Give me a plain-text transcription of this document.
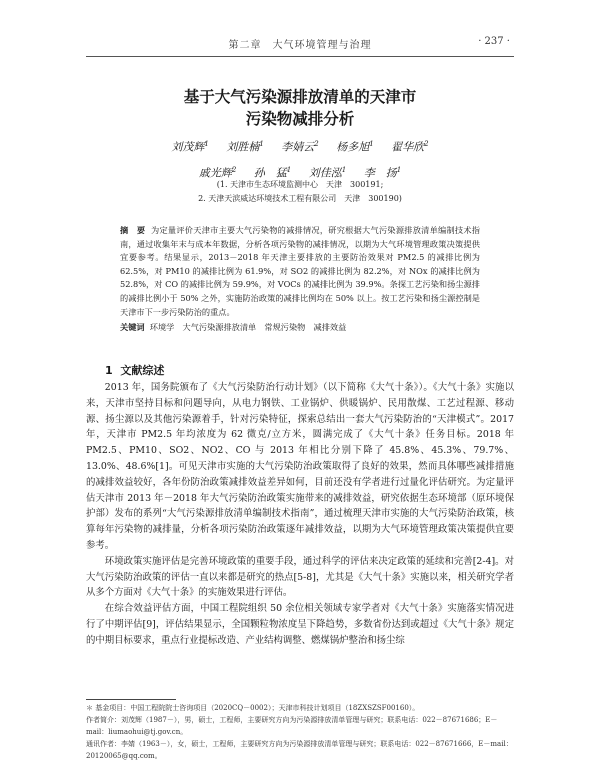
第二章　大气环境管理与治理	· 237 ·
基于大气污染源排放清单的天津市
污染物减排分析
刘茂辉$^1$ 刘胜楠$^1$ 李婧云$^2$ 杨多旭$^1$ 翟华欣$^2$
戚光辉$^2$ 孙　猛$^1$ 刘佳泓$^1$ 李　扬$^1$
(1. 天津市生态环境监测中心　天津　300191;
2. 天津天滨威达环境技术工程有限公司　天津　300190)
摘　要 为定量评价天津市主要大气污染物的减排情况，研究根据大气污染源排放清单编制技术指南，通过收集年末与成本年数据，分析各项污染物的减排情况，以期为大气环境管理政策决策提供宜要参考。结果显示，2013－2018 年天津主要排放的主要防治效果对 PM2.5 的减排比例为 62.5%，对 PM10 的减排比例为 61.9%，对 SO2 的减排比例为 82.2%，对 NOx 的减排比例为 52.8%，对 CO 的减排比例为 59.9%，对 VOCs 的减排比例为 39.9%。条探工艺污染和扬尘源排的减排比例小于 50% 之外，实施防治政策的减排比例均在 50% 以上。按工艺污染和扬尘源控制是天津市下一步污染防治的重点。
关键词 环境学　大气污染源排放清单　常规污染物　减排效益
1 文献综述

2013 年，国务院颁布了《大气污染防治行动计划》（以下简称《大气十条》）。《大气十条》实施以来，天津市坚持目标和问题导向，从电力钢铁、工业锅炉、供暖锅炉、民用散煤、工艺过程源、移动源、扬尘源以及其他污染源着手，针对污染特征，探索总结出一套大气污染防治的“天津模式”。2017 年，天津市 PM2.5 年均浓度为 62 微克/立方米，圆满完成了《大气十条》任务目标。2018 年 PM2.5、PM10、SO2、NO2、CO 与 2013 年相比分别下降了 45.8%、45.3%、79.7%、13.0%、48.6%[1]。可见天津市实施的大气污染防治政策取得了良好的效果，然而具体哪些减排措施的减排效益较好，各年份防治政策减排效益差异如何，目前还没有学者进行过量化评估研究。为定量评估天津市 2013 年－2018 年大气污染防治政策实施带来的减排效益，研究依据生态环境部（原环境保护部）发布的系列“大气污染源排放清单编制技术指南”，通过梳理天津市实施的大气污染防治政策，核算每年污染物的减排量，分析各项污染防治政策逐年减排效益，以期为大气环境管理政策决策提供宜要参考。

环境政策实施评估是完善环境政策的重要手段，通过科学的评估来决定政策的延续和完善[2-4]。对大气污染防治政策的评估一直以来都是研究的热点[5-8]，尤其是《大气十条》实施以来，相关研究学者从多个方面对《大气十条》的实施效果进行评估。

在综合效益评估方面，中国工程院组织 50 余位相关领域专家学者对《大气十条》实施落实情况进行了中期评估[9]，评估结果显示，全国颗粒物浓度呈下降趋势，多数省份达到或超过《大气十条》规定的中期目标要求，重点行业提标改造、产业结构调整、燃煤锅炉整治和扬尘综

＊ 基金项目：中国工程院院士咨询项目（2020CQ－0002）；天津市科技计划项目（18ZXSZSF00160）。

作者简介：刘茂辉（1987－），男，硕士，工程师，主要研究方向为污染源排放清单管理与研究；联系电话：022－87671686；E－mail：liumaohui@tj.gov.cn。

通讯作者：李婧（1963－），女，硕士，工程师，主要研究方向为污染源排放清单管理与研究；联系电话：022－87671666，E－mail：20120065@qq.com。
